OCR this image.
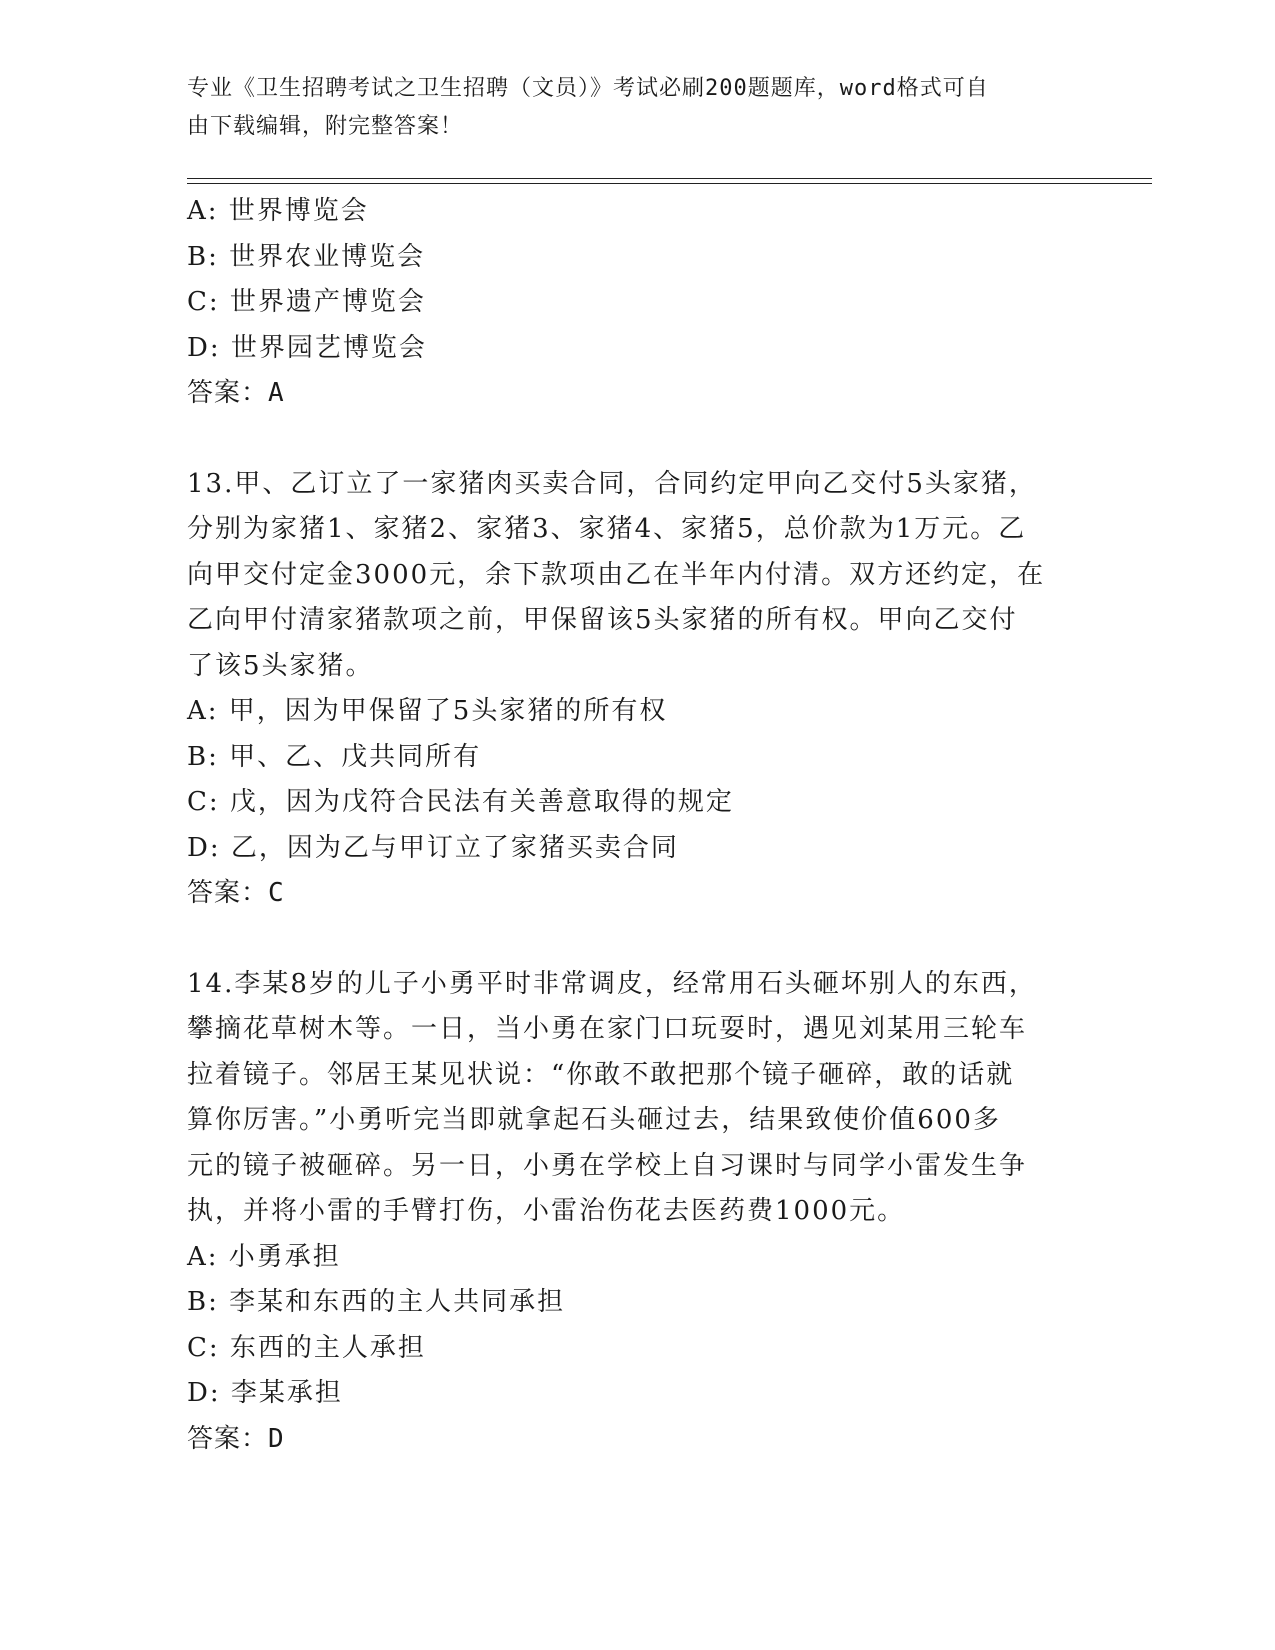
专业《卫生招聘考试之卫生招聘（文员）》考试必刷200题题库，word格式可自
由下载编辑，附完整答案！
A: 世界博览会
B: 世界农业博览会
C: 世界遗产博览会
D: 世界园艺博览会
答案：A
13.甲、乙订立了一家猪肉买卖合同，合同约定甲向乙交付5头家猪，
分别为家猪1、家猪2、家猪3、家猪4、家猪5，总价款为1万元。乙
向甲交付定金3000元，余下款项由乙在半年内付清。双方还约定，在
乙向甲付清家猪款项之前，甲保留该5头家猪的所有权。甲向乙交付
了该5头家猪。
A: 甲，因为甲保留了5头家猪的所有权
B: 甲、乙、戊共同所有
C: 戊，因为戊符合民法有关善意取得的规定
D: 乙，因为乙与甲订立了家猪买卖合同
答案：C
14.李某8岁的儿子小勇平时非常调皮，经常用石头砸坏别人的东西，
攀摘花草树木等。一日，当小勇在家门口玩耍时，遇见刘某用三轮车
拉着镜子。邻居王某见状说：“你敢不敢把那个镜子砸碎，敢的话就
算你厉害。”小勇听完当即就拿起石头砸过去，结果致使价值600多
元的镜子被砸碎。另一日，小勇在学校上自习课时与同学小雷发生争
执，并将小雷的手臂打伤，小雷治伤花去医药费1000元。
A: 小勇承担
B: 李某和东西的主人共同承担
C: 东西的主人承担
D: 李某承担
答案：D
